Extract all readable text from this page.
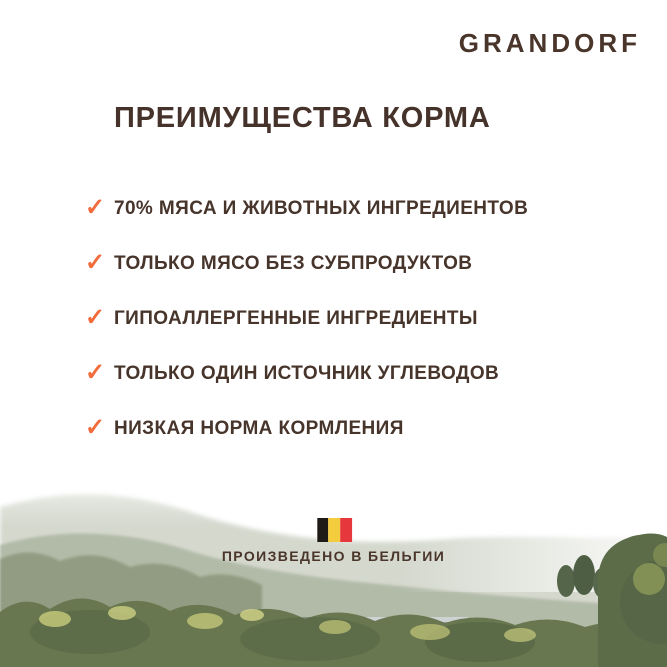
GRANDORF
ПРЕИМУЩЕСТВА КОРМА
✓ 70% МЯСА И ЖИВОТНЫХ ИНГРЕДИЕНТОВ
✓ ТОЛЬКО МЯСО БЕЗ СУБПРОДУКТОВ
✓ ГИПОАЛЛЕРГЕННЫЕ ИНГРЕДИЕНТЫ
✓ ТОЛЬКО ОДИН ИСТОЧНИК УГЛЕВОДОВ
✓ НИЗКАЯ НОРМА КОРМЛЕНИЯ
ПРОИЗВЕДЕНО В БЕЛЬГИИ
